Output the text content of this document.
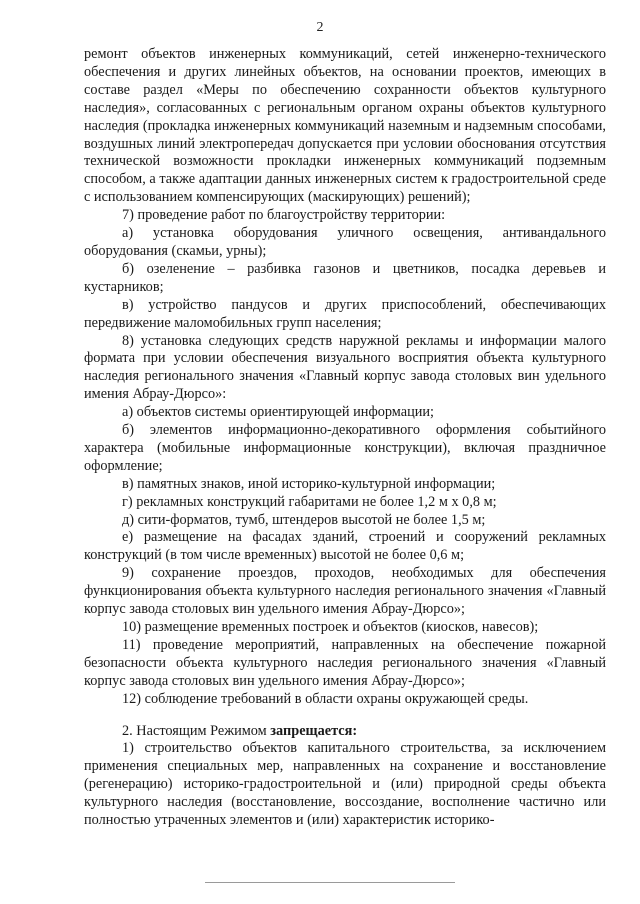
2

ремонт объектов инженерных коммуникаций, сетей инженерно-технического обеспечения и других линейных объектов, на основании проектов, имеющих в составе раздел «Меры по обеспечению сохранности объектов культурного наследия», согласованных с региональным органом охраны объектов культурного наследия (прокладка инженерных коммуникаций наземным и надземным способами, воздушных линий электропередач допускается при условии обоснования отсутствия технической возможности прокладки инженерных коммуникаций подземным способом, а также адаптации данных инженерных систем к градостроительной среде с использованием компенсирующих (маскирующих) решений);

7) проведение работ по благоустройству территории:

а) установка оборудования уличного освещения, антивандального оборудования (скамьи, урны);

б) озеленение – разбивка газонов и цветников, посадка деревьев и кустарников;

в) устройство пандусов и других приспособлений, обеспечивающих передвижение маломобильных групп населения;

8) установка следующих средств наружной рекламы и информации малого формата при условии обеспечения визуального восприятия объекта культурного наследия регионального значения «Главный корпус завода столовых вин удельного имения Абрау-Дюрсо»:

а) объектов системы ориентирующей информации;

б) элементов информационно-декоративного оформления событийного характера (мобильные информационные конструкции), включая праздничное оформление;

в) памятных знаков, иной историко-культурной информации;

г) рекламных конструкций габаритами не более 1,2 м х 0,8 м;

д) сити-форматов, тумб, штендеров высотой не более 1,5 м;

е) размещение на фасадах зданий, строений и сооружений рекламных конструкций (в том числе временных) высотой не более 0,6 м;

9) сохранение проездов, проходов, необходимых для обеспечения функционирования объекта культурного наследия регионального значения «Главный корпус завода столовых вин удельного имения Абрау-Дюрсо»;

10) размещение временных построек и объектов (киосков, навесов);

11) проведение мероприятий, направленных на обеспечение пожарной безопасности объекта культурного наследия регионального значения «Главный корпус завода столовых вин удельного имения Абрау-Дюрсо»;

12) соблюдение требований в области охраны окружающей среды.

2. Настоящим Режимом запрещается:

1) строительство объектов капитального строительства, за исключением применения специальных мер, направленных на сохранение и восстановление (регенерацию) историко-градостроительной и (или) природной среды объекта культурного наследия (восстановление, воссоздание, восполнение частично или полностью утраченных элементов и (или) характеристик историко-
